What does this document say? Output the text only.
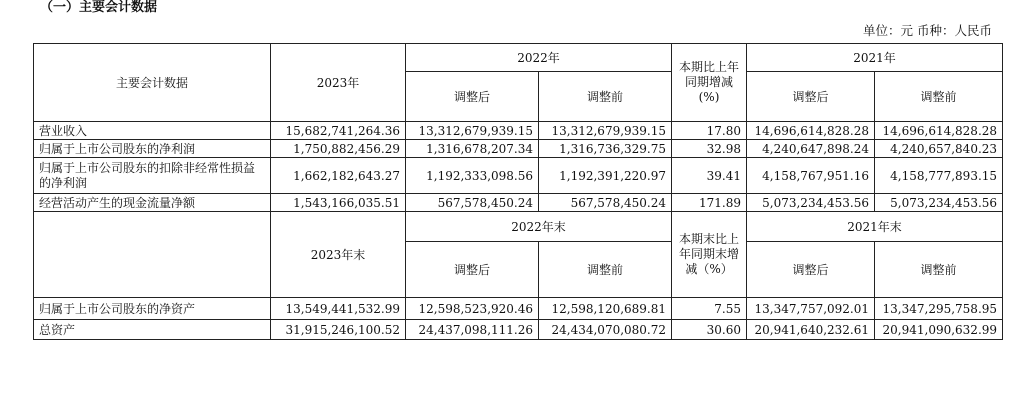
（一）主要会计数据
单位：元 币种：人民币
主要会计数据	2023年	2022年		本期比上年同期增减(%)	2021年	
		调整后	调整前		调整后	调整前

营业收入	15,682,741,264.36	13,312,679,939.15	13,312,679,939.15	17.80	14,696,614,828.28	14,696,614,828.28
归属于上市公司股东的净利润	1,750,882,456.29	1,316,678,207.34	1,316,736,329.75	32.98	4,240,647,898.24	4,240,657,840.23
归属于上市公司股东的扣除非经常性损益的净利润	1,662,182,643.27	1,192,333,098.56	1,192,391,220.97	39.41	4,158,767,951.16	4,158,777,893.15
经营活动产生的现金流量净额	1,543,166,035.51	567,578,450.24	567,578,450.24	171.89	5,073,234,453.56	5,073,234,453.56
	2023年末	2022年末		本期末比上年同期末增减（%）	2021年末	
		调整后	调整前		调整后	调整前
归属于上市公司股东的净资产	13,549,441,532.99	12,598,523,920.46	12,598,120,689.81	7.55	13,347,757,092.01	13,347,295,758.95
总资产	31,915,246,100.52	24,437,098,111.26	24,434,070,080.72	30.60	20,941,640,232.61	20,941,090,632.99
